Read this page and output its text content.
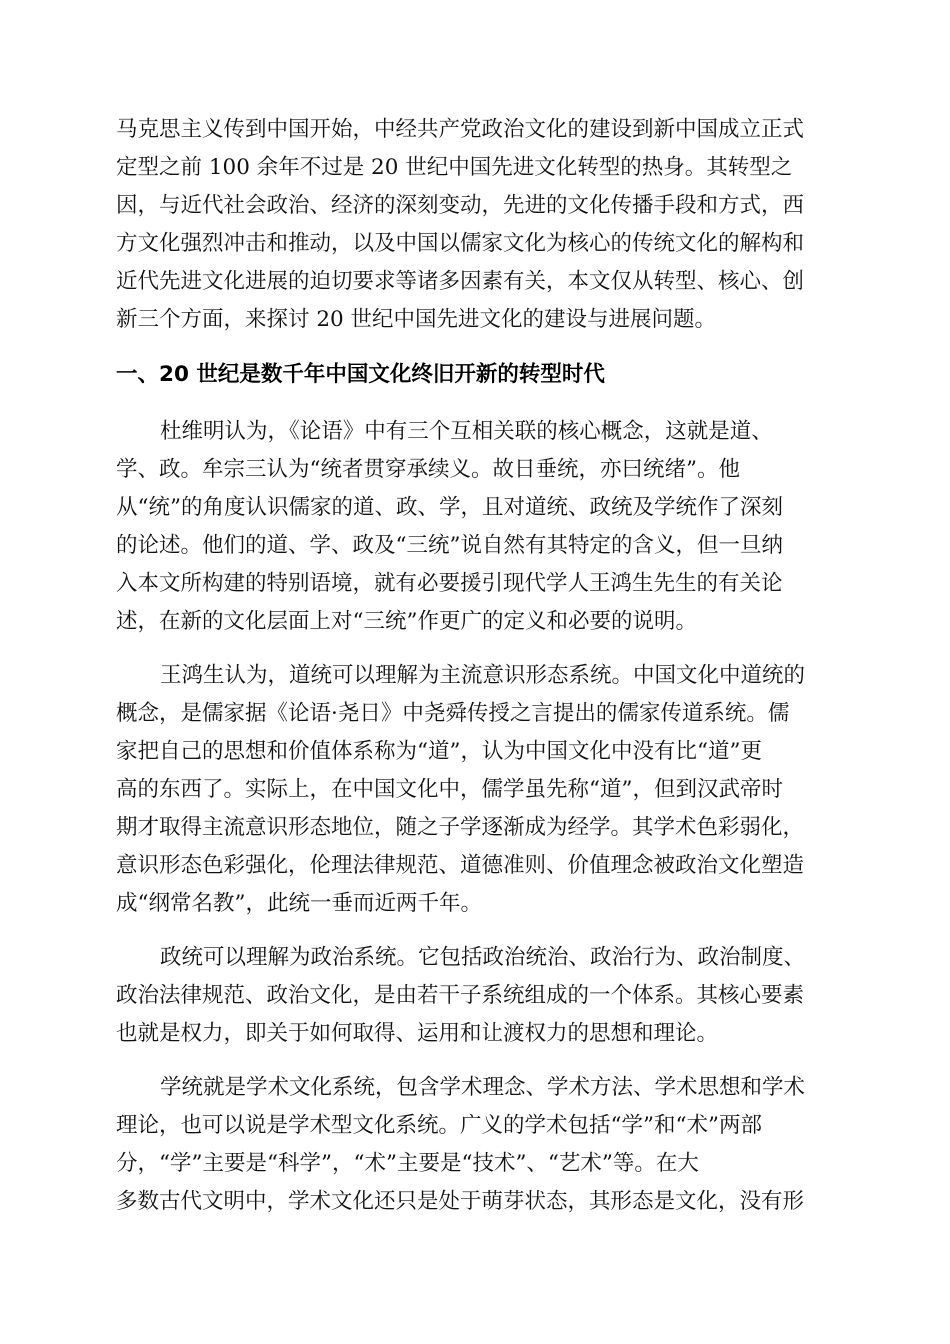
马克思主义传到中国开始，中经共产党政治文化的建设到新中国成立正式
定型之前 100 余年不过是 20 世纪中国先进文化转型的热身。其转型之
因，与近代社会政治、经济的深刻变动，先进的文化传播手段和方式，西
方文化强烈冲击和推动，以及中国以儒家文化为核心的传统文化的解构和
近代先进文化进展的迫切要求等诸多因素有关，本文仅从转型、核心、创
新三个方面，来探讨 20 世纪中国先进文化的建设与进展问题。
一、20 世纪是数千年中国文化终旧开新的转型时代
杜维明认为，《论语》中有三个互相关联的核心概念，这就是道、
学、政。牟宗三认为“统者贯穿承续义。故日垂统，亦曰统绪”。他
从“统”的角度认识儒家的道、政、学，且对道统、政统及学统作了深刻
的论述。他们的道、学、政及“三统”说自然有其特定的含义，但一旦纳
入本文所构建的特别语境，就有必要援引现代学人王鸿生先生的有关论
述，在新的文化层面上对“三统”作更广的定义和必要的说明。
王鸿生认为，道统可以理解为主流意识形态系统。中国文化中道统的
概念，是儒家据《论语·尧日》中尧舜传授之言提出的儒家传道系统。儒
家把自己的思想和价值体系称为“道”，认为中国文化中没有比“道”更
高的东西了。实际上，在中国文化中，儒学虽先称“道”，但到汉武帝时
期才取得主流意识形态地位，随之子学逐渐成为经学。其学术色彩弱化，
意识形态色彩强化，伦理法律规范、道德准则、价值理念被政治文化塑造
成“纲常名教”，此统一垂而近两千年。
政统可以理解为政治系统。它包括政治统治、政治行为、政治制度、
政治法律规范、政治文化，是由若干子系统组成的一个体系。其核心要素
也就是权力，即关于如何取得、运用和让渡权力的思想和理论。
学统就是学术文化系统，包含学术理念、学术方法、学术思想和学术
理论，也可以说是学术型文化系统。广义的学术包括“学”和“术”两部
分，“学”主要是“科学”，“术”主要是“技术”、“艺术”等。在大
多数古代文明中，学术文化还只是处于萌芽状态，其形态是文化，没有形
